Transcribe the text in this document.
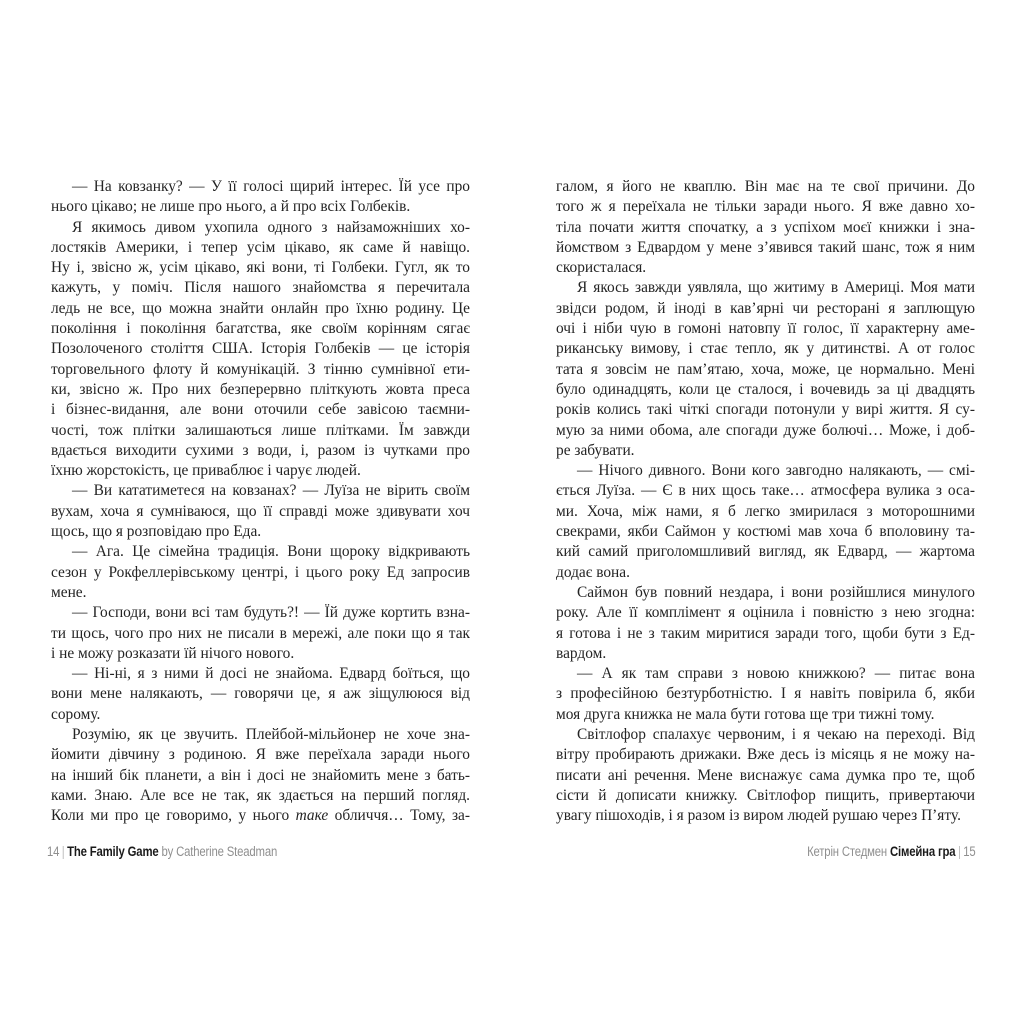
— На ковзанку? — У її голосі щирий інтерес. Їй усе про
нього цікаво; не лише про нього, а й про всіх Голбеків.
Я якимось дивом ухопила одного з найзаможніших хо-
лостяків Америки, і тепер усім цікаво, як саме й навіщо.
Ну і, звісно ж, усім цікаво, які вони, ті Голбеки. Гугл, як то
кажуть, у поміч. Після нашого знайомства я перечитала
ледь не все, що можна знайти онлайн про їхню родину. Це
покоління і покоління багатства, яке своїм корінням сягає
Позолоченого століття США. Історія Голбеків — це історія
торговельного флоту й комунікацій. З тінню сумнівної ети-
ки, звісно ж. Про них безперервно пліткують жовта преса
і бізнес-видання, але вони оточили себе завісою таємни-
чості, тож плітки залишаються лише плітками. Їм завжди
вдається виходити сухими з води, і, разом із чутками про
їхню жорстокість, це приваблює і чарує людей.
— Ви кататиметеся на ковзанах? — Луїза не вірить своїм
вухам, хоча я сумніваюся, що її справді може здивувати хоч
щось, що я розповідаю про Еда.
— Ага. Це сімейна традиція. Вони щороку відкривають
сезон у Рокфеллерівському центрі, і цього року Ед запросив
мене.
— Господи, вони всі там будуть?! — Їй дуже кортить взна-
ти щось, чого про них не писали в мережі, але поки що я так
і не можу розказати їй нічого нового.
— Ні-ні, я з ними й досі не знайома. Едвард боїться, що
вони мене налякають, — говорячи це, я аж зіщулююся від
сорому.
Розумію, як це звучить. Плейбой-мільйонер не хоче зна-
йомити дівчину з родиною. Я вже переїхала заради нього
на інший бік планети, а він і досі не знайомить мене з бать-
ками. Знаю. Але все не так, як здається на перший погляд.
Коли ми про це говоримо, у нього таке обличчя… Тому, за-
галом, я його не кваплю. Він має на те свої причини. До
того ж я переїхала не тільки заради нього. Я вже давно хо-
тіла почати життя спочатку, а з успіхом моєї книжки і зна-
йомством з Едвардом у мене з’явився такий шанс, тож я ним
скористалася.
Я якось завжди уявляла, що житиму в Америці. Моя мати
звідси родом, й іноді в кав’ярні чи ресторані я заплющую
очі і ніби чую в гомоні натовпу її голос, її характерну аме-
риканську вимову, і стає тепло, як у дитинстві. А от голос
тата я зовсім не пам’ятаю, хоча, може, це нормально. Мені
було одинадцять, коли це сталося, і вочевидь за ці двадцять
років колись такі чіткі спогади потонули у вирі життя. Я су-
мую за ними обома, але спогади дуже болючі… Може, і доб-
ре забувати.
— Нічого дивного. Вони кого завгодно налякають, — смі-
ється Луїза. — Є в них щось таке… атмосфера вулика з оса-
ми. Хоча, між нами, я б легко змирилася з моторошними
свекрами, якби Саймон у костюмі мав хоча б вполовину та-
кий самий приголомшливий вигляд, як Едвард, — жартома
додає вона.
Саймон був повний нездара, і вони розійшлися минулого
року. Але її комплімент я оцінила і повністю з нею згодна:
я готова і не з таким миритися заради того, щоби бути з Ед-
вардом.
— А як там справи з новою книжкою? — питає вона
з професійною безтурботністю. І я навіть повірила б, якби
моя друга книжка не мала бути готова ще три тижні тому.
Світлофор спалахує червоним, і я чекаю на переході. Від
вітру пробирають дрижаки. Вже десь із місяць я не можу на-
писати ані речення. Мене виснажує сама думка про те, щоб
сісти й дописати книжку. Світлофор пищить, привертаючи
увагу пішоходів, і я разом із виром людей рушаю через П’яту.
14 | The Family Game by Catherine Steadman	Кетрін Стедмен Сімейна гра | 15
